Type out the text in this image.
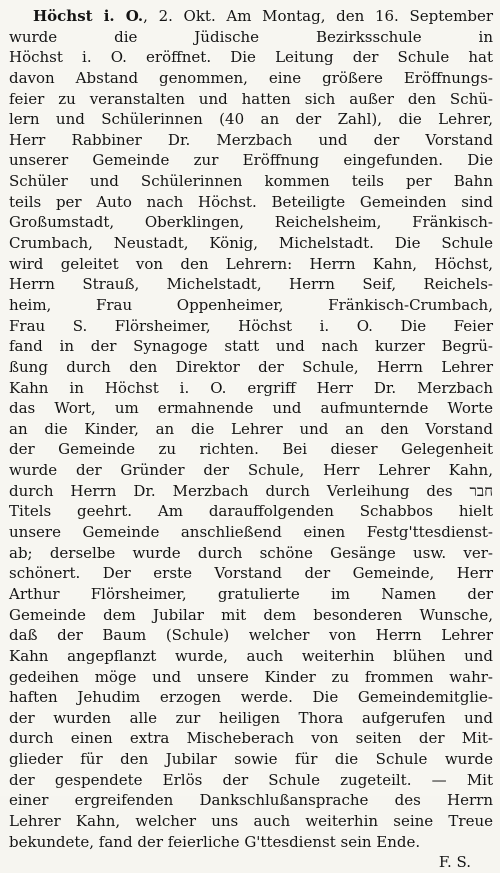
Höchst i. O., 2. Okt. Am Montag, den 16. September
wurde die Jüdische Bezirksschule in
Höchst i. O. eröffnet. Die Leitung der Schule hat
davon Abstand genommen, eine größere Eröffnungs-
feier zu veranstalten und hatten sich außer den Schü-
lern und Schülerinnen (40 an der Zahl), die Lehrer,
Herr Rabbiner Dr. Merzbach und der Vorstand
unserer Gemeinde zur Eröffnung eingefunden. Die
Schüler und Schülerinnen kommen teils per Bahn
teils per Auto nach Höchst. Beteiligte Gemeinden sind
Großumstadt, Oberklingen, Reichelsheim, Fränkisch-
Crumbach, Neustadt, König, Michelstadt. Die Schule
wird geleitet von den Lehrern: Herrn Kahn, Höchst,
Herrn Strauß, Michelstadt, Herrn Seif, Reichels-
heim, Frau Oppenheimer, Fränkisch-Crumbach,
Frau S. Flörsheimer, Höchst i. O. Die Feier
fand in der Synagoge statt und nach kurzer Begrü-
ßung durch den Direktor der Schule, Herrn Lehrer
Kahn in Höchst i. O. ergriff Herr Dr. Merzbach
das Wort, um ermahnende und aufmunternde Worte
an die Kinder, an die Lehrer und an den Vorstand
der Gemeinde zu richten. Bei dieser Gelegenheit
wurde der Gründer der Schule, Herr Lehrer Kahn,
durch Herrn Dr. Merzbach durch Verleihung des חבר
Titels geehrt. Am darauffolgenden Schabbos hielt
unsere Gemeinde anschließend einen Festg'ttesdienst-
ab; derselbe wurde durch schöne Gesänge usw. ver-
schönert. Der erste Vorstand der Gemeinde, Herr
Arthur Flörsheimer, gratulierte im Namen der
Gemeinde dem Jubilar mit dem besonderen Wunsche,
daß der Baum (Schule) welcher von Herrn Lehrer
Kahn angepflanzt wurde, auch weiterhin blühen und
gedeihen möge und unsere Kinder zu frommen wahr-
haften Jehudim erzogen werde. Die Gemeindemitglie-
der wurden alle zur heiligen Thora aufgerufen und
durch einen extra Mischeberach von seiten der Mit-
glieder für den Jubilar sowie für die Schule wurde
der gespendete Erlös der Schule zugeteilt. — Mit
einer ergreifenden Dankschlußansprache des Herrn
Lehrer Kahn, welcher uns auch weiterhin seine Treue
bekundete, fand der feierliche G'ttesdienst sein Ende.
F. S.
